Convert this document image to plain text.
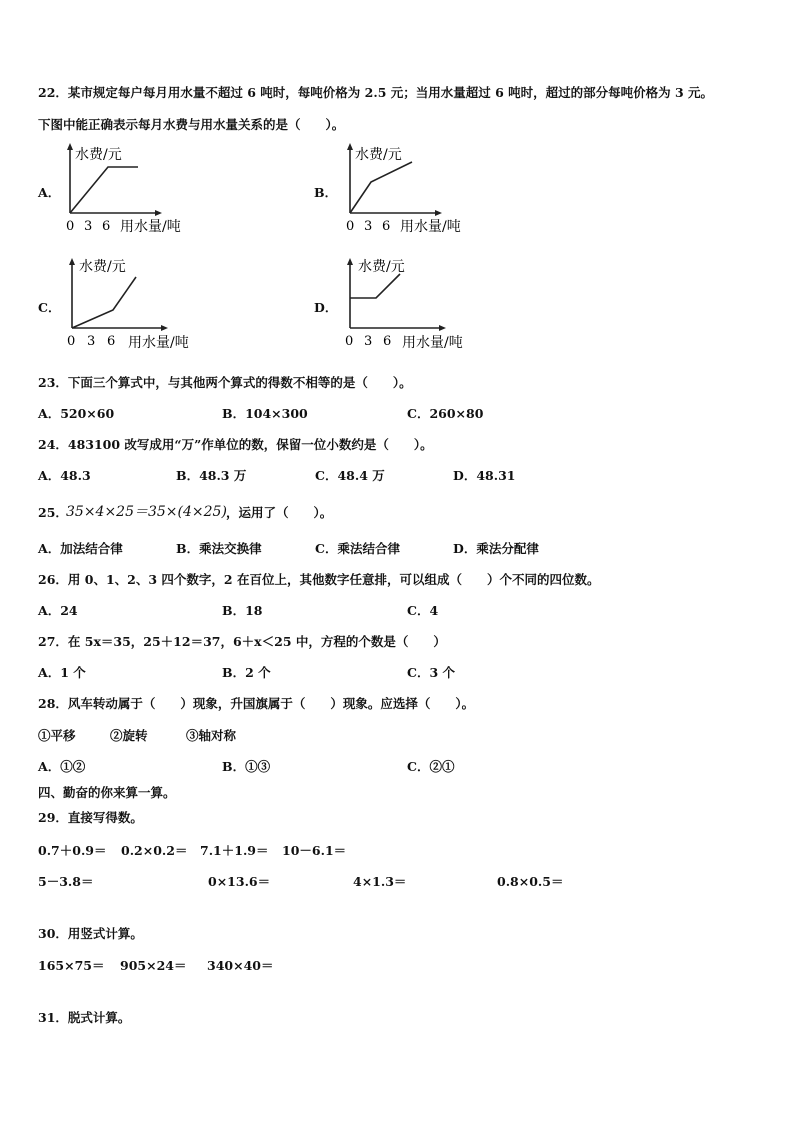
22．某市规定每户每月用水量不超过 6 吨时，每吨价格为 2.5 元；当用水量超过 6 吨时，超过的部分每吨价格为 3 元。
下图中能正确表示每月水费与用水量关系的是（　　）。
A．
水费/元
0 3 6 用水量/吨
B．
水费/元
0 3 6 用水量/吨
C．
水费/元
0 3 6 用水量/吨
D．
水费/元
0 3 6 用水量/吨
23．下面三个算式中，与其他两个算式的得数不相等的是（　　）。
A．520×60	B．104×300	C．260×80
24．483100 改写成用“万”作单位的数，保留一位小数约是（　　）。
A．48.3	B．48.3 万	C．48.4 万	D．48.31
25．
35×4×25＝35×(4×25) ，运用了（　　）。
A．加法结合律	B．乘法交换律	C．乘法结合律	D．乘法分配律
26．用 0、1、2、3 四个数字，2 在百位上，其他数字任意排，可以组成（　　）个不同的四位数。
A．24	B．18	C．4
27．在 5x＝35，25＋12＝37，6＋x＜25 中，方程的个数是（　　）
A．1 个	B．2 个	C．3 个
28．风车转动属于（　　）现象，升国旗属于（　　）现象。应选择（　　）。
①平移	②旋转	③轴对称
A．①②	B．①③	C．②①
四、勤奋的你来算一算。
29．直接写得数。
0.7＋0.9＝ 0.2×0.2＝ 7.1＋1.9＝ 10－6.1＝
5－3.8＝	0×13.6＝	4×1.3＝	0.8×0.5＝
30．用竖式计算。
165×75＝ 905×24＝ 340×40＝
31．脱式计算。
